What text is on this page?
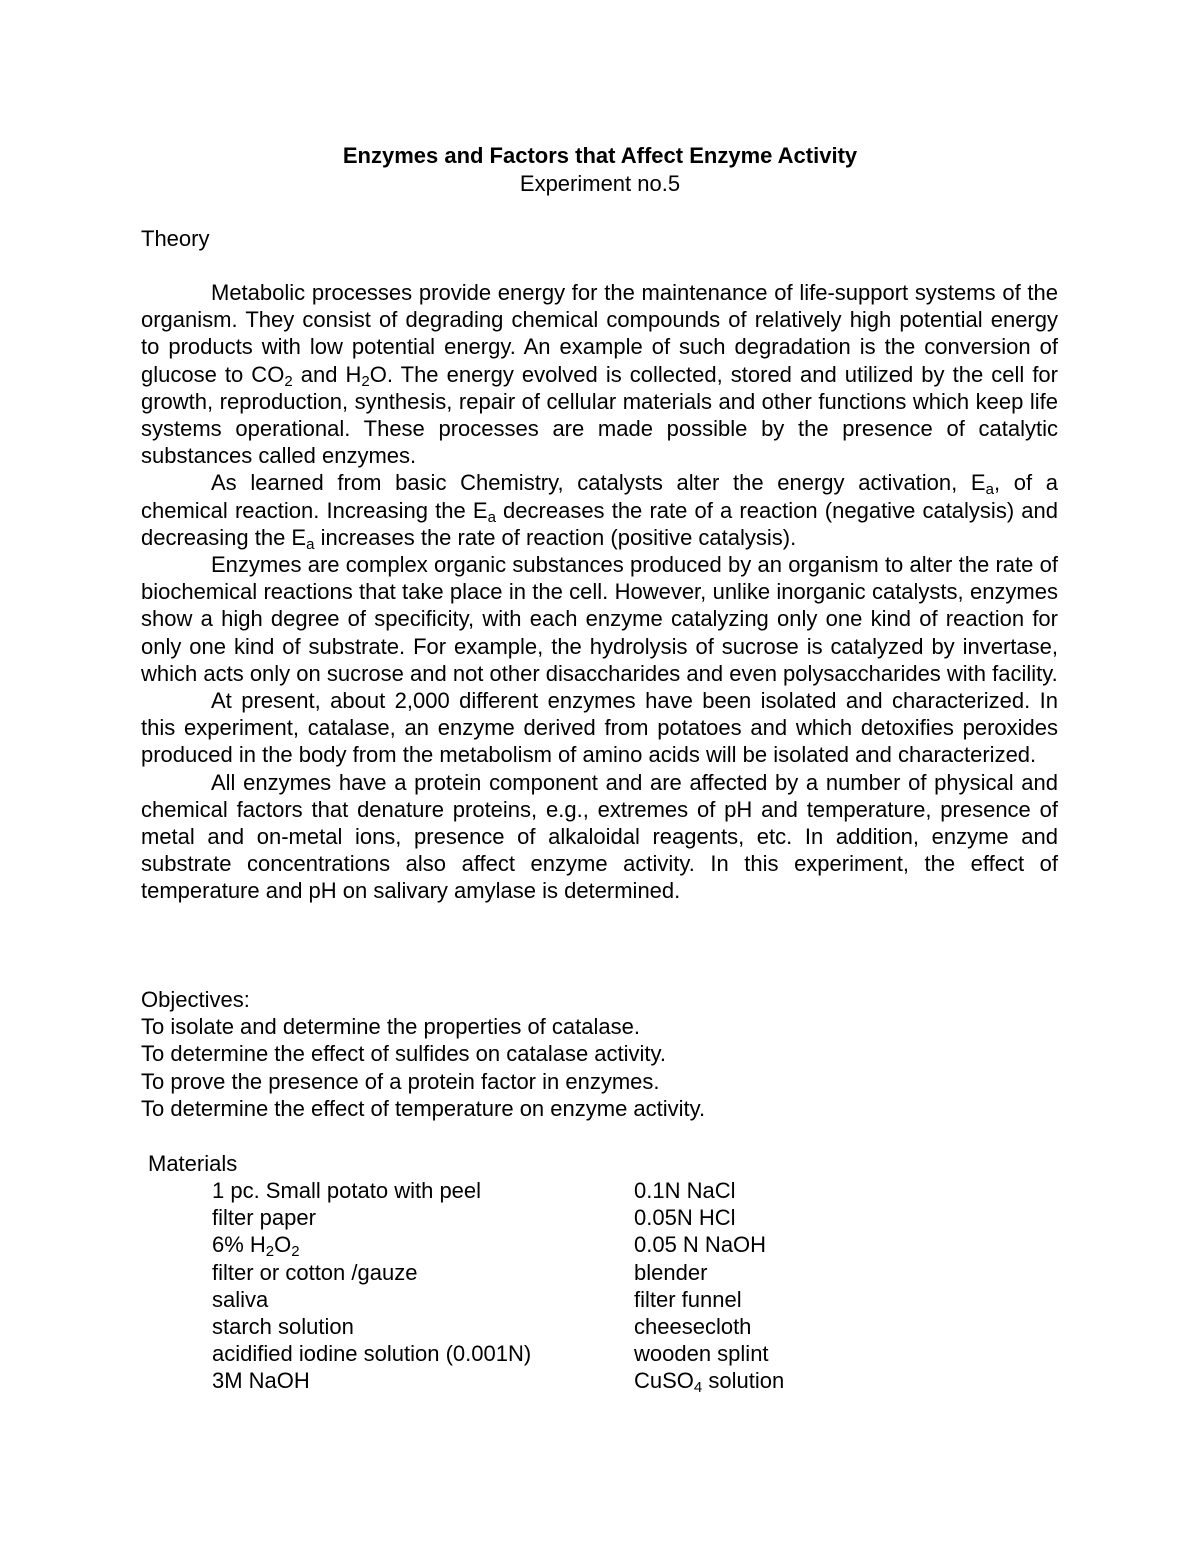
Enzymes and Factors that Affect Enzyme Activity
Experiment no.5
Theory

Metabolic processes provide energy for the maintenance of life-support systems of the organism. They consist of degrading chemical compounds of relatively high potential energy to products with low potential energy. An example of such degradation is the conversion of glucose to $CO_2$ and $H_2O$. The energy evolved is collected, stored and utilized by the cell for growth, reproduction, synthesis, repair of cellular materials and other functions which keep life systems operational. These processes are made possible by the presence of catalytic substances called enzymes.

As learned from basic Chemistry, catalysts alter the energy activation, $E_a$, of a chemical reaction. Increasing the $E_a$ decreases the rate of a reaction (negative catalysis) and decreasing the $E_a$ increases the rate of reaction (positive catalysis).

Enzymes are complex organic substances produced by an organism to alter the rate of biochemical reactions that take place in the cell. However, unlike inorganic catalysts, enzymes show a high degree of specificity, with each enzyme catalyzing only one kind of reaction for only one kind of substrate. For example, the hydrolysis of sucrose is catalyzed by invertase, which acts only on sucrose and not other disaccharides and even polysaccharides with facility.

At present, about 2,000 different enzymes have been isolated and characterized. In this experiment, catalase, an enzyme derived from potatoes and which detoxifies peroxides produced in the body from the metabolism of amino acids will be isolated and characterized.

All enzymes have a protein component and are affected by a number of physical and chemical factors that denature proteins, e.g., extremes of pH and temperature, presence of metal and on-metal ions, presence of alkaloidal reagents, etc. In addition, enzyme and substrate concentrations also affect enzyme activity. In this experiment, the effect of temperature and pH on salivary amylase is determined.

Objectives:
To isolate and determine the properties of catalase.
To determine the effect of sulfides on catalase activity.
To prove the presence of a protein factor in enzymes.
To determine the effect of temperature on enzyme activity.
Materials
1 pc. Small potato with peel
filter paper
6% $H_2O_2$
filter or cotton /gauze
saliva
starch solution
acidified iodine solution (0.001N)
3M NaOH
0.1N NaCl
0.05N HCl
0.05 N NaOH
blender
filter funnel
cheesecloth
wooden splint
CuSO$_4$ solution
